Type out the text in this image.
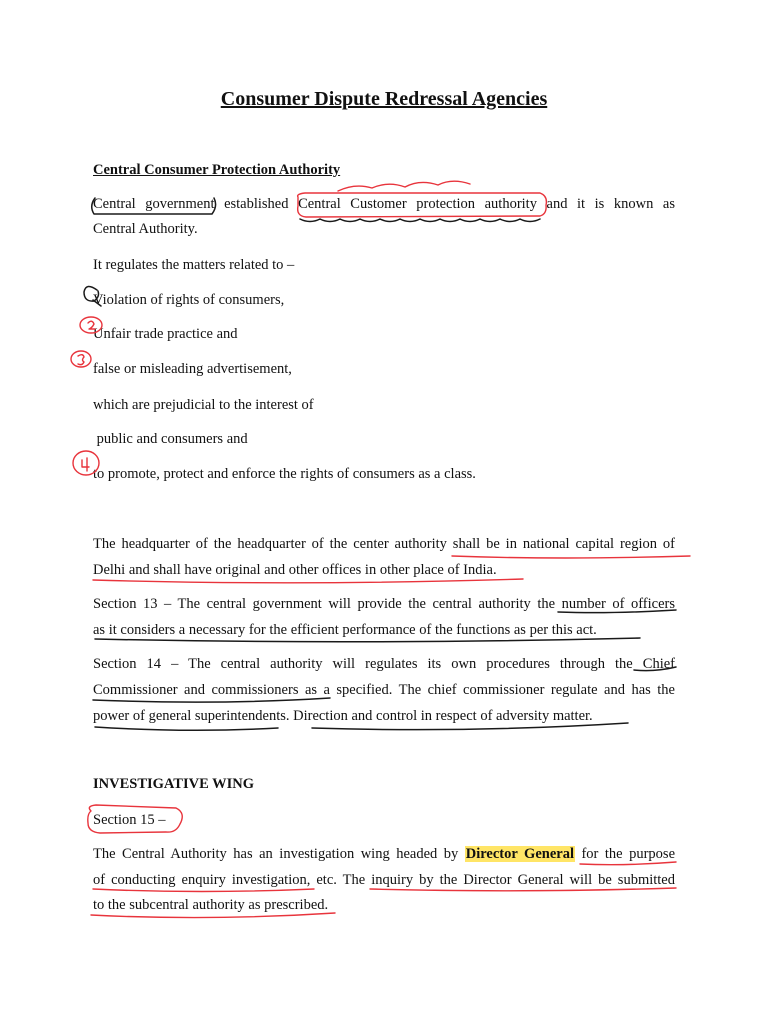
Consumer Dispute Redressal Agencies

Central Consumer Protection Authority

Central government established Central Customer protection authority and it is known as

Central Authority.

It regulates the matters related to –

Violation of rights of consumers,

Unfair trade practice and

false or misleading advertisement,

which are prejudicial to the interest of

public and consumers and

to promote, protect and enforce the rights of consumers as a class.

The headquarter of the headquarter of the center authority shall be in national capital region of

Delhi and shall have original and other offices in other place of India.

Section 13 – The central government will provide the central authority the number of officers

as it considers a necessary for the efficient performance of the functions as per this act.

Section 14 – The central authority will regulates its own procedures through the Chief

Commissioner and commissioners as a specified. The chief commissioner regulate and has the

power of general superintendents. Direction and control in respect of adversity matter.

INVESTIGATIVE WING

Section 15 –

The Central Authority has an investigation wing headed by Director General for the purpose

of conducting enquiry investigation, etc. The inquiry by the Director General will be submitted

to the subcentral authority as prescribed.
